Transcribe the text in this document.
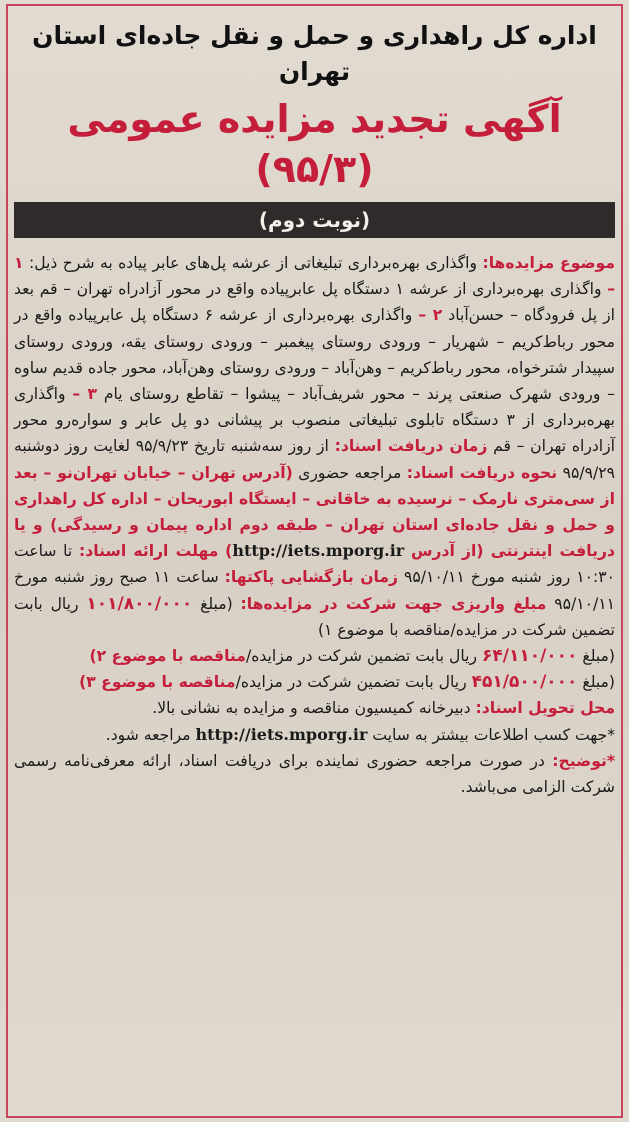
اداره کل راهداری و حمل و نقل جاده‌ای استان تهران
آگهی تجدید مزایده عمومی (۹۵/۳)
(نوبت دوم)

موضوع مزایده‌ها: واگذاری بهره‌برداری تبلیغاتی از عرشه پل‌های عابر پیاده به شرح ذیل: ۱ – واگذاری بهره‌برداری از عرشه ۱ دستگاه پل عابرپیاده واقع در محور آزادراه تهران – قم بعد از پل فرودگاه – حسن‌آباد ۲ – واگذاری بهره‌برداری از عرشه ۶ دستگاه پل عابرپیاده واقع در محور رباط‌کریم – شهریار – ورودی روستای پیغمبر – ورودی روستای یقه، ورودی روستای سپیدار شترخواه، محور رباط‌کریم – وهن‌آباد – ورودی روستای وهن‌آباد، محور جاده قدیم ساوه – ورودی شهرک صنعتی پرند – محور شریف‌آباد – پیشوا – تقاطع روستای یام ۳ – واگذاری بهره‌برداری از ۳ دستگاه تابلوی تبلیغاتی منصوب بر پیشانی دو پل عابر و سواره‌رو محور آزادراه تهران – قم زمان دریافت اسناد: از روز سه‌شنبه تاریخ ۹۵/۹/۲۳ لغایت روز دوشنبه ۹۵/۹/۲۹ نحوه دریافت اسناد: مراجعه حضوری (آدرس تهران – خیابان تهران‌نو – بعد از سی‌متری نارمک – نرسیده به خاقانی – ایستگاه ابوریحان – اداره کل راهداری و حمل و نقل جاده‌ای استان تهران – طبقه دوم اداره پیمان و رسیدگی) و یا دریافت اینترنتی (از آدرس http://iets.mporg.ir) مهلت ارائه اسناد: تا ساعت ۱۰:۳۰ روز شنبه مورخ ۹۵/۱۰/۱۱ زمان بازگشایی پاکتها: ساعت ۱۱ صبح روز شنبه مورخ ۹۵/۱۰/۱۱ مبلغ واریزی جهت شرکت در مزایده‌ها: (مبلغ ۱۰۱/۸۰۰/۰۰۰ ریال بابت تضمین شرکت در مزایده/مناقصه با موضوع ۱)
(مبلغ ۶۴/۱۱۰/۰۰۰ ریال بابت تضمین شرکت در مزایده/مناقصه با موضوع ۲)
(مبلغ ۴۵۱/۵۰۰/۰۰۰ ریال بابت تضمین شرکت در مزایده/مناقصه با موضوع ۳)
محل تحویل اسناد: دبیرخانه کمیسیون مناقصه و مزایده به نشانی بالا.
*جهت کسب اطلاعات بیشتر به سایت http://iets.mporg.ir مراجعه شود.
*توضیح: در صورت مراجعه حضوری نماینده برای دریافت اسناد، ارائه معرفی‌نامه رسمی شرکت الزامی می‌باشد.
